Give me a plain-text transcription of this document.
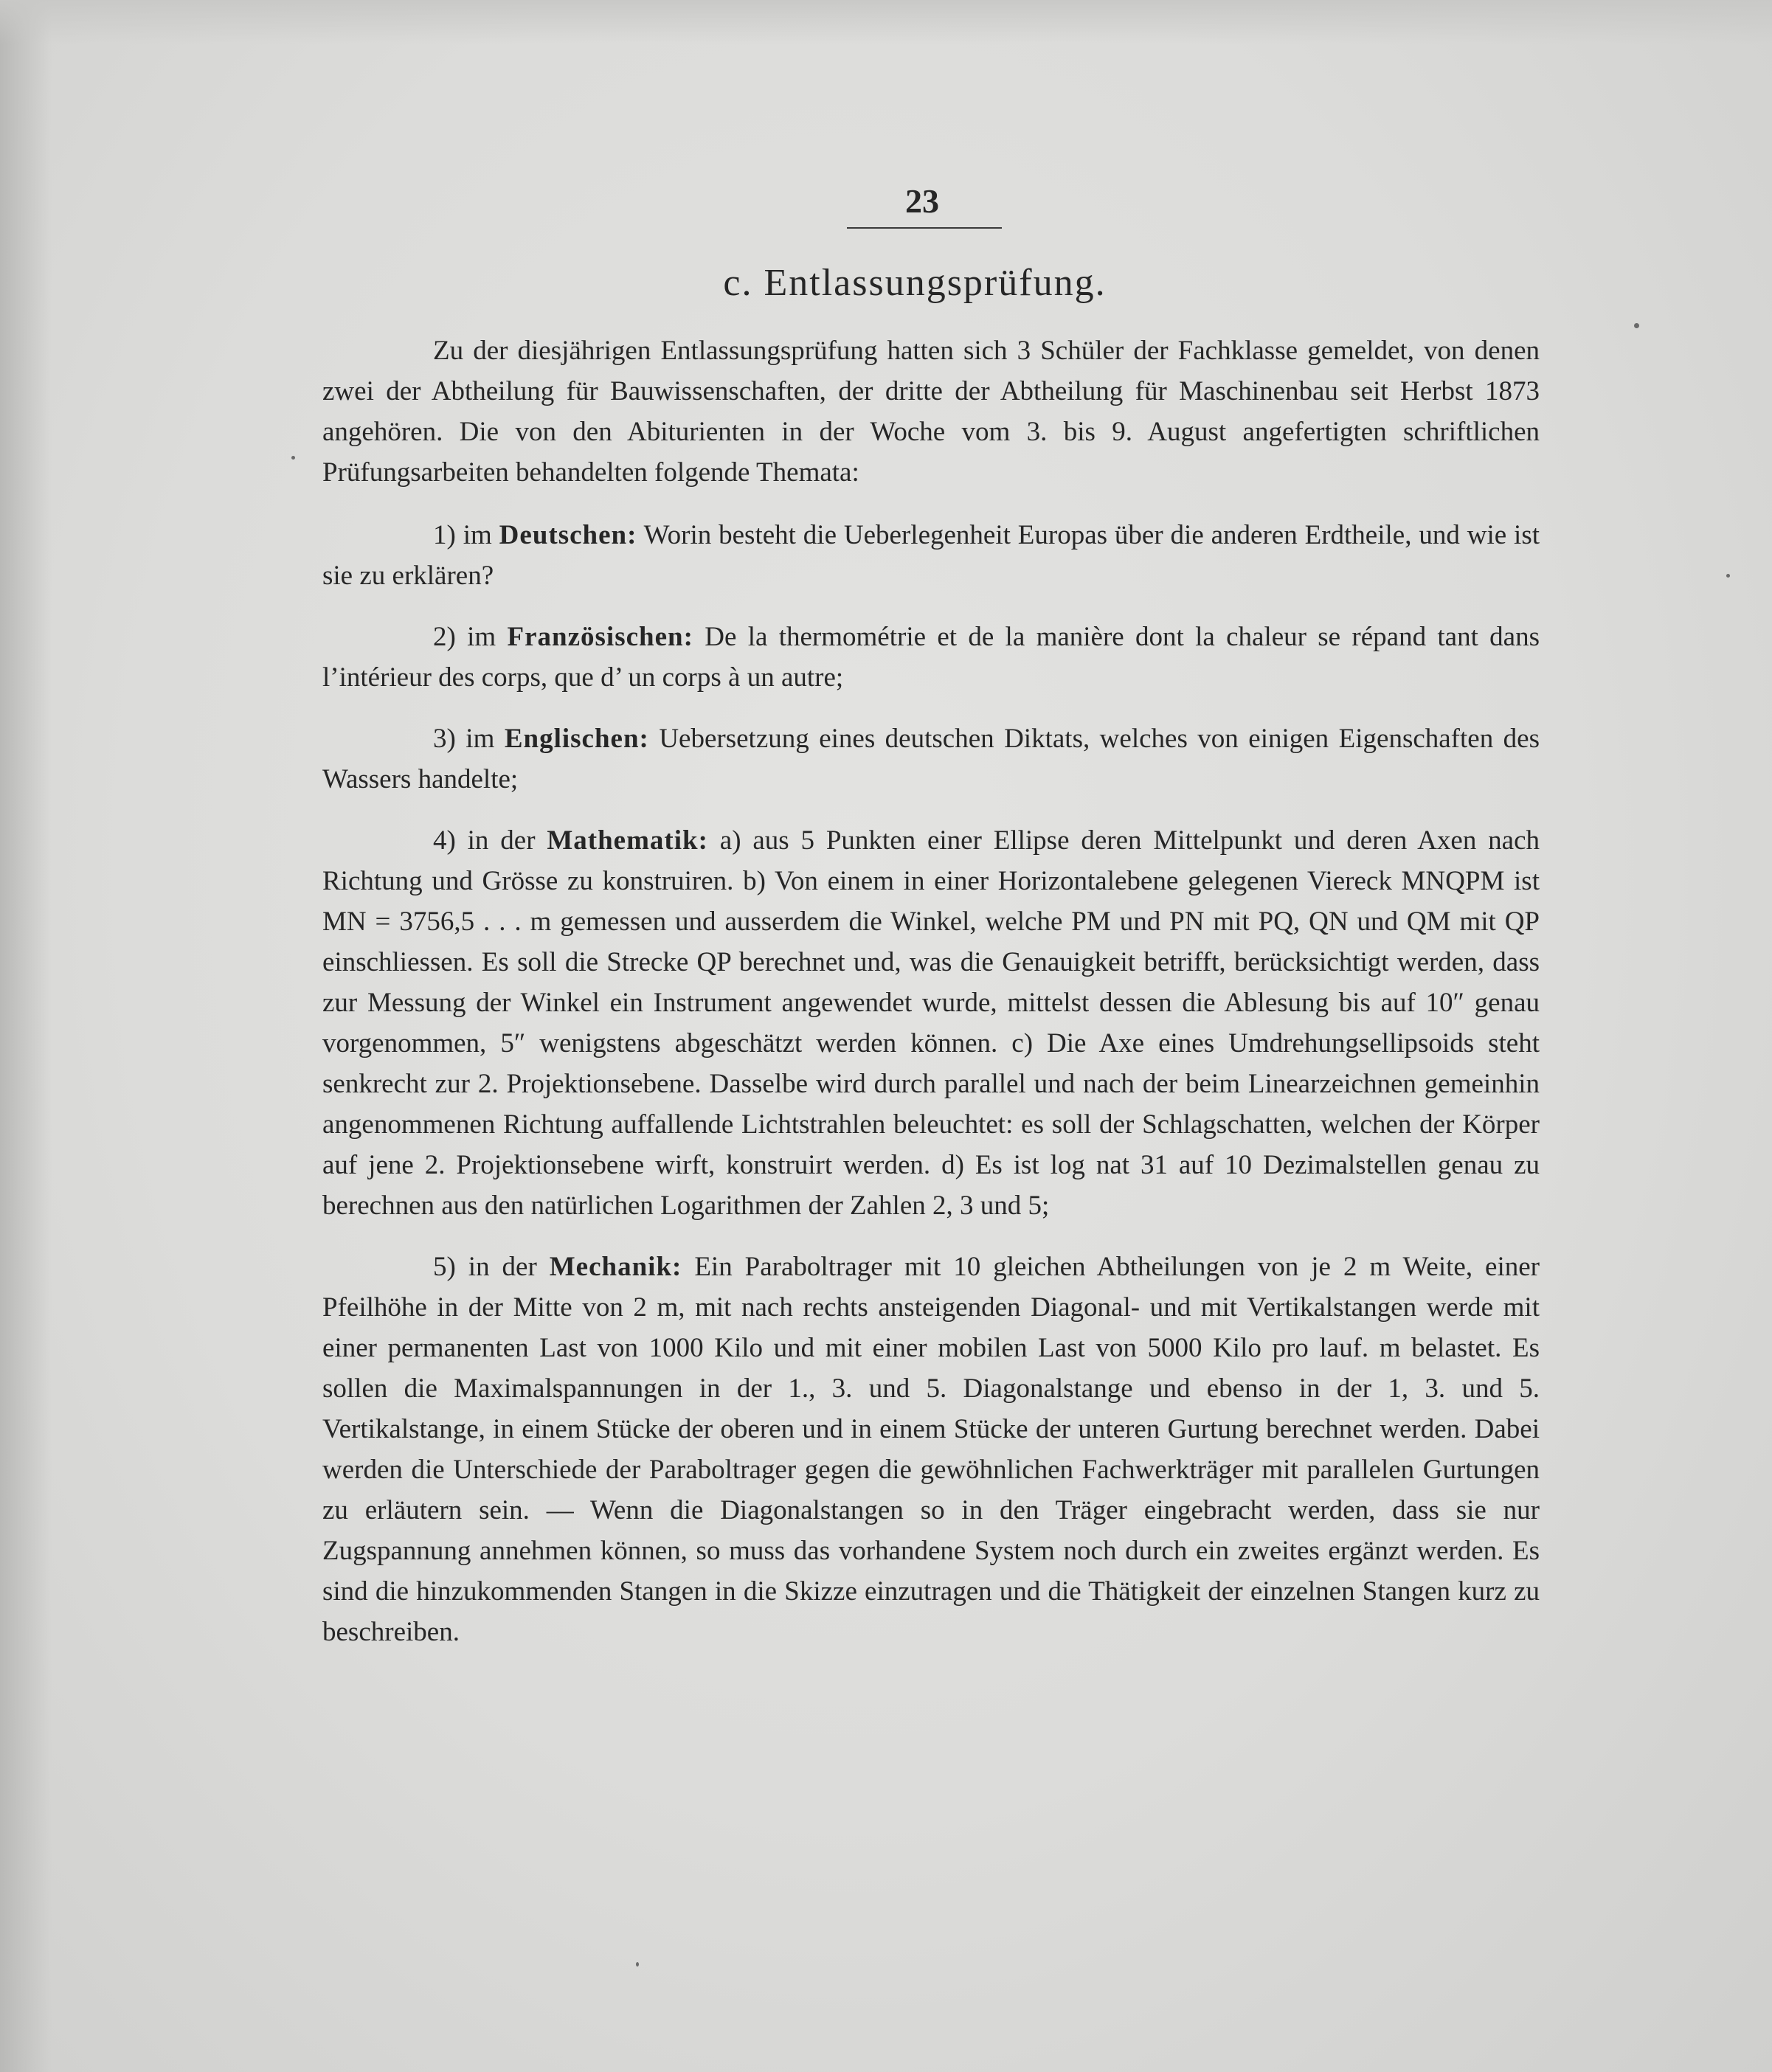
23
c. Entlassungsprüfung.

Zu der diesjährigen Entlassungsprüfung hatten sich 3 Schüler der Fachklasse gemeldet, von denen zwei der Abtheilung für Bauwissenschaften, der dritte der Abtheilung für Maschinenbau seit Herbst 1873 angehören. Die von den Abiturienten in der Woche vom 3. bis 9. August angefertigten schriftlichen Prüfungsarbeiten behandelten folgende Themata:

1) im Deutschen: Worin besteht die Ueberlegenheit Europas über die anderen Erdtheile, und wie ist sie zu erklären?

2) im Französischen: De la thermométrie et de la manière dont la chaleur se répand tant dans l’intérieur des corps, que d’ un corps à un autre;

3) im Englischen: Uebersetzung eines deutschen Diktats, welches von einigen Eigenschaften des Wassers handelte;

4) in der Mathematik: a) aus 5 Punkten einer Ellipse deren Mittelpunkt und deren Axen nach Richtung und Grösse zu konstruiren. b) Von einem in einer Horizontalebene gelegenen Viereck MNQPM ist MN = 3756,5 . . . m gemessen und ausserdem die Winkel, welche PM und PN mit PQ, QN und QM mit QP einschliessen. Es soll die Strecke QP berechnet und, was die Genauigkeit betrifft, berücksichtigt werden, dass zur Messung der Winkel ein Instrument angewendet wurde, mittelst dessen die Ablesung bis auf 10″ genau vorgenommen, 5″ wenigstens abgeschätzt werden können. c) Die Axe eines Umdrehungsellipsoids steht senkrecht zur 2. Projektionsebene. Dasselbe wird durch parallel und nach der beim Linearzeichnen gemeinhin angenommenen Richtung auffallende Lichtstrahlen beleuchtet: es soll der Schlagschatten, welchen der Körper auf jene 2. Projektionsebene wirft, konstruirt werden. d) Es ist log nat 31 auf 10 Dezimalstellen genau zu berechnen aus den natürlichen Logarithmen der Zahlen 2, 3 und 5;

5) in der Mechanik: Ein Paraboltrager mit 10 gleichen Abtheilungen von je 2 m Weite, einer Pfeilhöhe in der Mitte von 2 m, mit nach rechts ansteigenden Diagonal- und mit Vertikalstangen werde mit einer permanenten Last von 1000 Kilo und mit einer mobilen Last von 5000 Kilo pro lauf. m belastet. Es sollen die Maximalspannungen in der 1., 3. und 5. Diagonalstange und ebenso in der 1, 3. und 5. Vertikalstange, in einem Stücke der oberen und in einem Stücke der unteren Gurtung berechnet werden. Dabei werden die Unterschiede der Paraboltrager gegen die gewöhnlichen Fachwerkträger mit parallelen Gurtungen zu erläutern sein. — Wenn die Diagonalstangen so in den Träger eingebracht werden, dass sie nur Zugspannung annehmen können, so muss das vorhandene System noch durch ein zweites ergänzt werden. Es sind die hinzukommenden Stangen in die Skizze einzutragen und die Thätigkeit der einzelnen Stangen kurz zu beschreiben.
